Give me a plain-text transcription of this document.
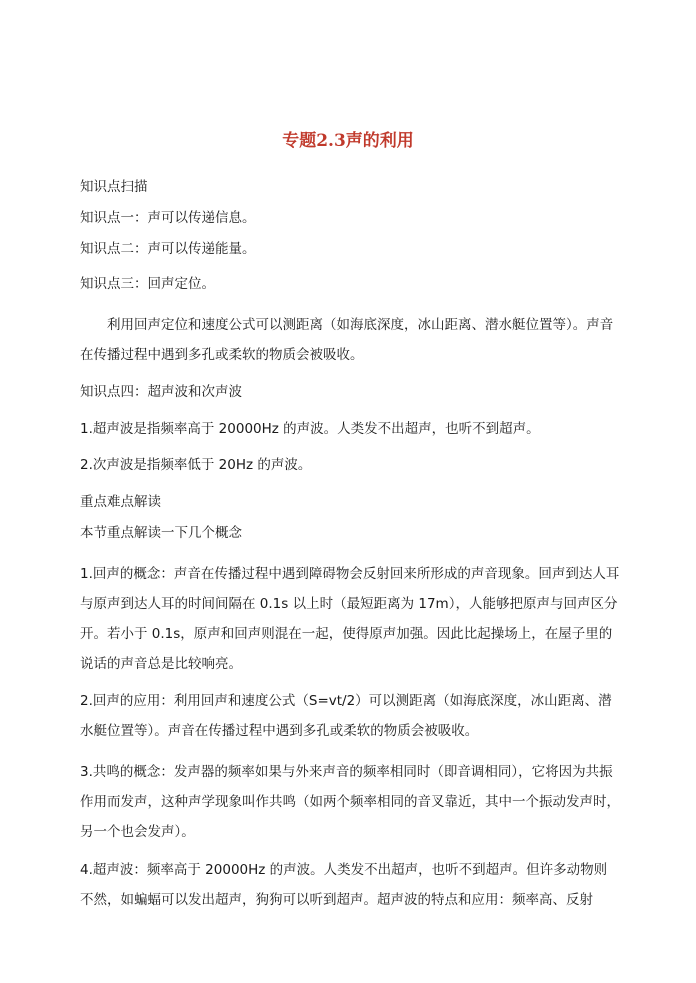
专题2.3声的利用

知识点扫描

知识点一：声可以传递信息。

知识点二：声可以传递能量。

知识点三：回声定位。

利用回声定位和速度公式可以测距离（如海底深度，冰山距离、潜水艇位置等）。声音在传播过程中遇到多孔或柔软的物质会被吸收。

知识点四：超声波和次声波

1.超声波是指频率高于 20000Hz 的声波。人类发不出超声，也听不到超声。

2.次声波是指频率低于 20Hz 的声波。

重点难点解读

本节重点解读一下几个概念

1.回声的概念：声音在传播过程中遇到障碍物会反射回来所形成的声音现象。回声到达人耳与原声到达人耳的时间间隔在 0.1s 以上时（最短距离为 17m），人能够把原声与回声区分开。若小于 0.1s，原声和回声则混在一起，使得原声加强。因此比起操场上，在屋子里的说话的声音总是比较响亮。

2.回声的应用：利用回声和速度公式（S=vt/2）可以测距离（如海底深度，冰山距离、潜水艇位置等）。声音在传播过程中遇到多孔或柔软的物质会被吸收。

3.共鸣的概念：发声器的频率如果与外来声音的频率相同时（即音调相同），它将因为共振作用而发声，这种声学现象叫作共鸣（如两个频率相同的音叉靠近，其中一个振动发声时，另一个也会发声）。

4.超声波：频率高于 20000Hz 的声波。人类发不出超声，也听不到超声。但许多动物则不然，如蝙蝠可以发出超声，狗狗可以听到超声。超声波的特点和应用：频率高、反射
